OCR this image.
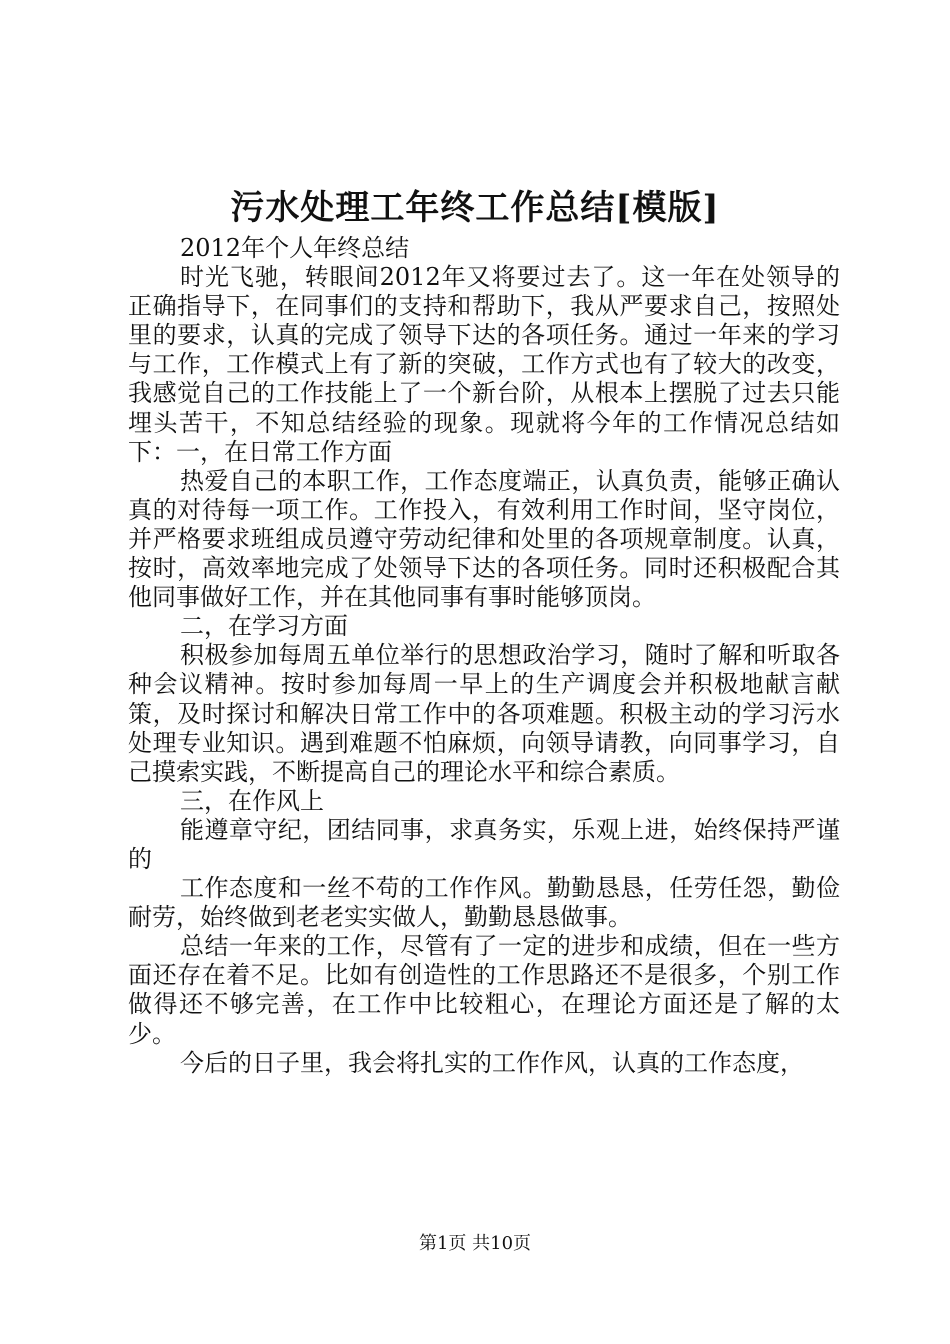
污水处理工年终工作总结[模版]

2012年个人年终总结

时光飞驰，转眼间2012年又将要过去了。这一年在处领导的正确指导下，在同事们的支持和帮助下，我从严要求自己，按照处里的要求，认真的完成了领导下达的各项任务。通过一年来的学习与工作，工作模式上有了新的突破，工作方式也有了较大的改变，我感觉自己的工作技能上了一个新台阶，从根本上摆脱了过去只能埋头苦干，不知总结经验的现象。现就将今年的工作情况总结如下：一，在日常工作方面

热爱自己的本职工作，工作态度端正，认真负责，能够正确认真的对待每一项工作。工作投入，有效利用工作时间，坚守岗位，并严格要求班组成员遵守劳动纪律和处里的各项规章制度。认真，按时，高效率地完成了处领导下达的各项任务。同时还积极配合其他同事做好工作，并在其他同事有事时能够顶岗。

二，在学习方面

积极参加每周五单位举行的思想政治学习，随时了解和听取各种会议精神。按时参加每周一早上的生产调度会并积极地献言献策，及时探讨和解决日常工作中的各项难题。积极主动的学习污水处理专业知识。遇到难题不怕麻烦，向领导请教，向同事学习，自己摸索实践，不断提高自己的理论水平和综合素质。

三，在作风上

能遵章守纪，团结同事，求真务实，乐观上进，始终保持严谨的

工作态度和一丝不苟的工作作风。勤勤恳恳，任劳任怨，勤俭耐劳，始终做到老老实实做人，勤勤恳恳做事。

总结一年来的工作，尽管有了一定的进步和成绩，但在一些方面还存在着不足。比如有创造性的工作思路还不是很多，个别工作做得还不够完善，在工作中比较粗心，在理论方面还是了解的太少。

今后的日子里，我会将扎实的工作作风，认真的工作态度，

第1页 共10页
